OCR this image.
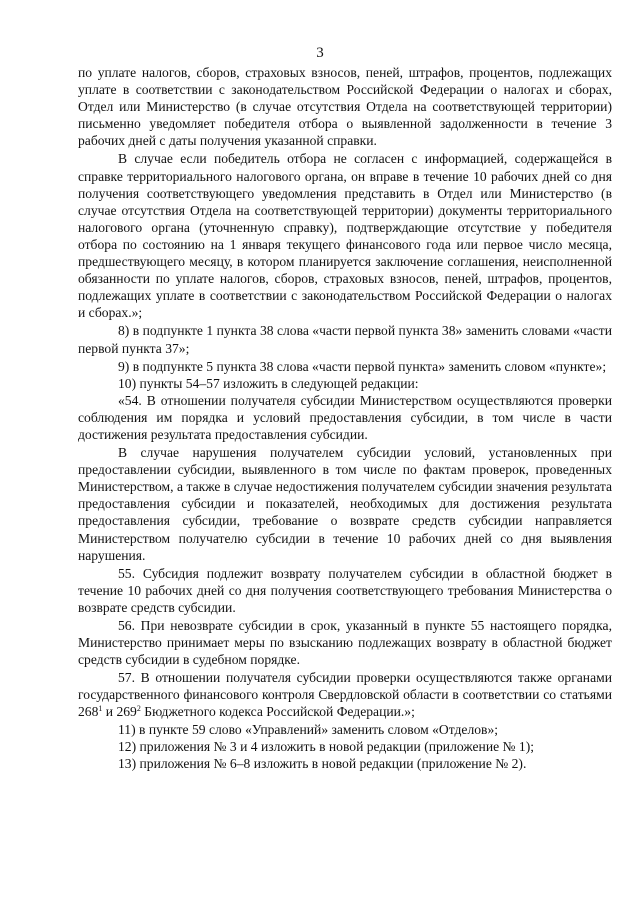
3

по уплате налогов, сборов, страховых взносов, пеней, штрафов, процентов, подлежащих уплате в соответствии с законодательством Российской Федерации о налогах и сборах, Отдел или Министерство (в случае отсутствия Отдела на соответствующей территории) письменно уведомляет победителя отбора о выявленной задолженности в течение 3 рабочих дней с даты получения указанной справки.

В случае если победитель отбора не согласен с информацией, содержащейся в справке территориального налогового органа, он вправе в течение 10 рабочих дней со дня получения соответствующего уведомления представить в Отдел или Министерство (в случае отсутствия Отдела на соответствующей территории) документы территориального налогового органа (уточненную справку), подтверждающие отсутствие у победителя отбора по состоянию на 1 января текущего финансового года или первое число месяца, предшествующего месяцу, в котором планируется заключение соглашения, неисполненной обязанности по уплате налогов, сборов, страховых взносов, пеней, штрафов, процентов, подлежащих уплате в соответствии с законодательством Российской Федерации о налогах и сборах.»;

8) в подпункте 1 пункта 38 слова «части первой пункта 38» заменить словами «части первой пункта 37»;

9) в подпункте 5 пункта 38 слова «части первой пункта» заменить словом «пункте»;

10) пункты 54–57 изложить в следующей редакции:

«54. В отношении получателя субсидии Министерством осуществляются проверки соблюдения им порядка и условий предоставления субсидии, в том числе в части достижения результата предоставления субсидии.

В случае нарушения получателем субсидии условий, установленных при предоставлении субсидии, выявленного в том числе по фактам проверок, проведенных Министерством, а также в случае недостижения получателем субсидии значения результата предоставления субсидии и показателей, необходимых для достижения результата предоставления субсидии, требование о возврате средств субсидии направляется Министерством получателю субсидии в течение 10 рабочих дней со дня выявления нарушения.

55. Субсидия подлежит возврату получателем субсидии в областной бюджет в течение 10 рабочих дней со дня получения соответствующего требования Министерства о возврате средств субсидии.

56. При невозврате субсидии в срок, указанный в пункте 55 настоящего порядка, Министерство принимает меры по взысканию подлежащих возврату в областной бюджет средств субсидии в судебном порядке.

57. В отношении получателя субсидии проверки осуществляются также органами государственного финансового контроля Свердловской области в соответствии со статьями $268^1$ и $269^2$ Бюджетного кодекса Российской Федерации.»;

11) в пункте 59 слово «Управлений» заменить словом «Отделов»;

12) приложения № 3 и 4 изложить в новой редакции (приложение № 1);

13) приложения № 6–8 изложить в новой редакции (приложение № 2).
